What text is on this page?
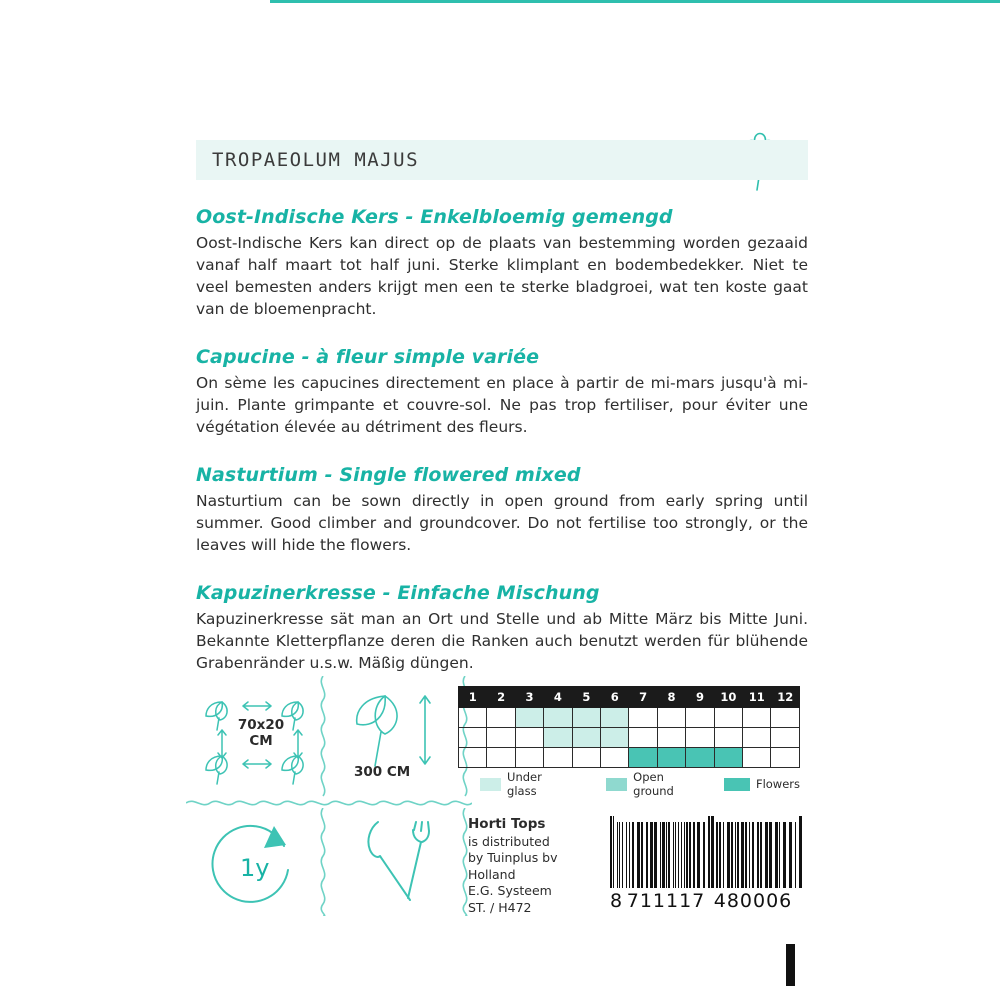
TROPAEOLUM MAJUS

Oost-Indische Kers - Enkelbloemig gemengd

Oost-Indische Kers kan direct op de plaats van bestemming worden gezaaid vanaf half maart tot half juni. Sterke klimplant en bodembedekker. Niet te veel bemesten anders krijgt men een te sterke bladgroei, wat ten koste gaat van de bloemenpracht.

Capucine - à fleur simple variée

On sème les capucines directement en place à partir de mi-mars jusqu'à mi-juin. Plante grimpante et couvre-sol. Ne pas trop fertiliser, pour éviter une végétation élevée au détriment des fleurs.

Nasturtium - Single flowered mixed

Nasturtium can be sown directly in open ground from early spring until summer. Good climber and groundcover. Do not fertilise too strongly, or the leaves will hide the flowers.

Kapuzinerkresse - Einfache Mischung

Kapuzinerkresse sät man an Ort und Stelle und ab Mitte März bis Mitte Juni. Bekannte Kletterpflanze deren die Ranken auch benutzt werden für blühende Grabenränder u.s.w. Mäßig düngen.

70x20
CM
300 CM
1	2	3	4	5	6	7	8	9	10	11	12

Under glass
Open ground	Flowers
1y
Horti Tops
is distributed
by Tuinplus bv
Holland
E.G. Systeem
ST. / H472	8 711117 480006
